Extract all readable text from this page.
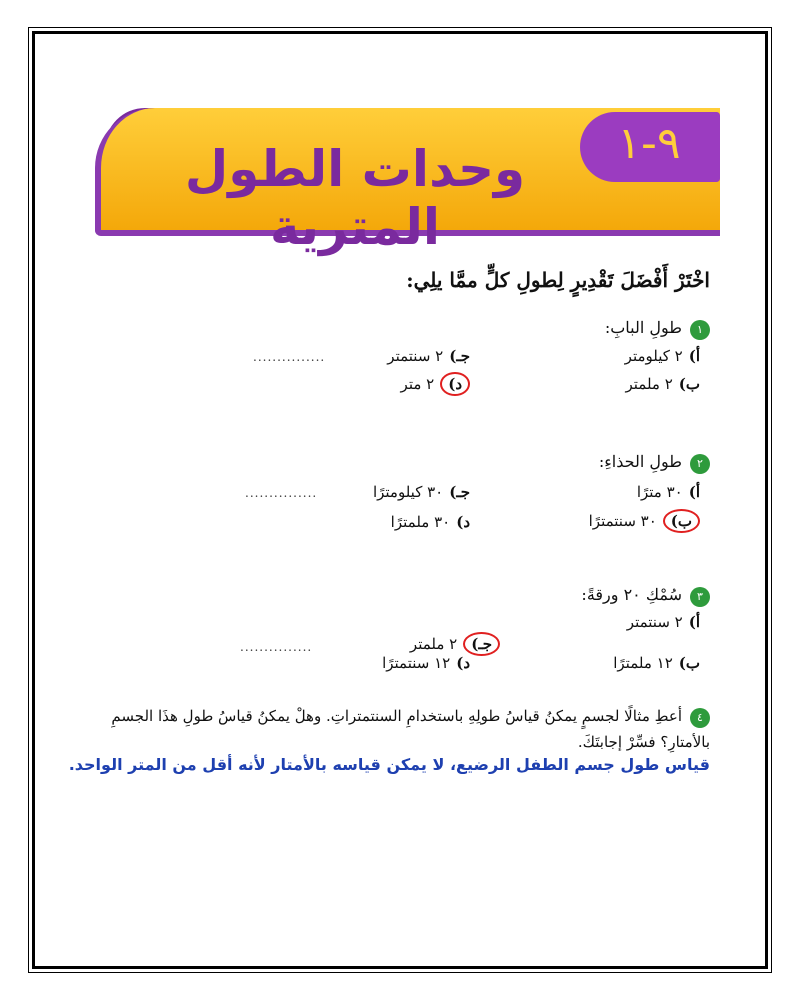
٩-١
وحدات الطول المترية
اخْتَرْ أَفْضَلَ تَقْدِيرٍ لِطولِ كلٍّ ممَّا يلِي:
١طولِ البابِ:
أ)٢ كيلومتر
جـ)٢ سنتمتر
...............
ب)٢ ملمتر
د)٢ متر
٢طولِ الحذاءِ:
أ)٣٠ مترًا
جـ)٣٠ كيلومترًا
...............
ب)٣٠ سنتمترًا
د)٣٠ ملمترًا
٣سُمْكِ ٢٠ ورقةً:
أ)٢ سنتمتر
جـ)٢ ملمتر
...............
ب)١٢ ملمترًا
د)١٢ سنتمترًا
٤أعطِ مثالًا لجسمٍ يمكنُ قياسُ طولِهِ باستخدامِ السنتمتراتِ. وهلْ يمكنُ قياسُ طولِ هذَا الجسمِ بالأمتارِ؟ فسِّرْ إجابتَكَ.
قياس طول جسم الطفل الرضيع، لا يمكن قياسه بالأمتار لأنه أقل من المتر الواحد.
